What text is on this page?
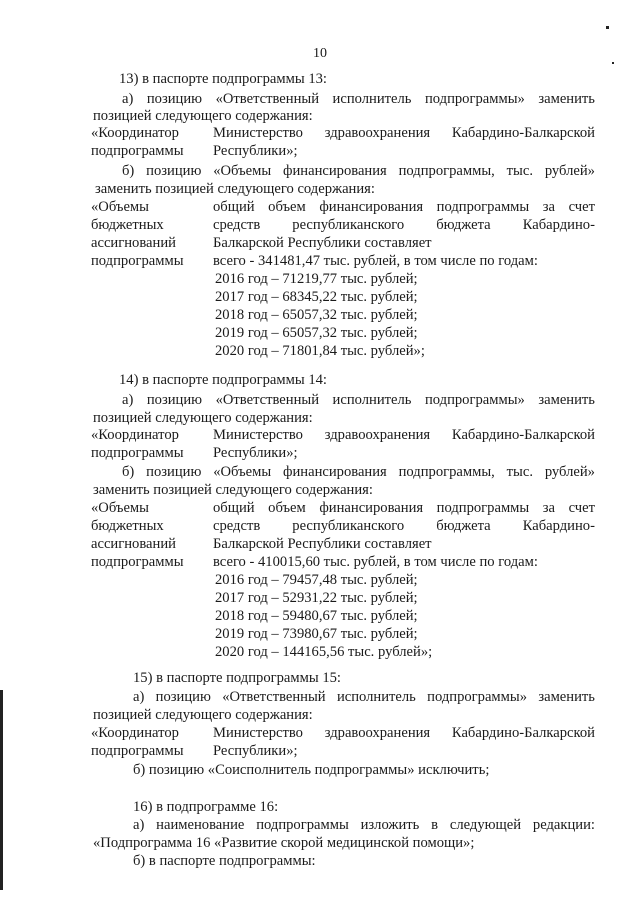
10
13) в паспорте подпрограммы 13:
а) позицию «Ответственный исполнитель подпрограммы» заменить
позицией следующего содержания:
«Координатор Министерство здравоохранения Кабардино-Балкарской
подпрограммы Республики»;
б) позицию «Объемы финансирования подпрограммы, тыс. рублей»
заменить позицией следующего содержания:
«Объемы
бюджетных
ассигнований
подпрограммы
общий объем финансирования подпрограммы за счет
средств республиканского бюджета Кабардино-
Балкарской Республики составляет
всего - 341481,47 тыс. рублей, в том числе по годам:
2016 год – 71219,77 тыс. рублей;
2017 год – 68345,22 тыс. рублей;
2018 год – 65057,32 тыс. рублей;
2019 год – 65057,32 тыс. рублей;
2020 год – 71801,84 тыс. рублей»;
14) в паспорте подпрограммы 14:
а) позицию «Ответственный исполнитель подпрограммы» заменить
позицией следующего содержания:
«Координатор Министерство здравоохранения Кабардино-Балкарской
подпрограммы Республики»;
б) позицию «Объемы финансирования подпрограммы, тыс. рублей»
заменить позицией следующего содержания:
«Объемы
бюджетных
ассигнований
подпрограммы
общий объем финансирования подпрограммы за счет
средств республиканского бюджета Кабардино-
Балкарской Республики составляет
всего - 410015,60 тыс. рублей, в том числе по годам:
2016 год – 79457,48 тыс. рублей;
2017 год – 52931,22 тыс. рублей;
2018 год – 59480,67 тыс. рублей;
2019 год – 73980,67 тыс. рублей;
2020 год – 144165,56 тыс. рублей»;
15) в паспорте подпрограммы 15:
а) позицию «Ответственный исполнитель подпрограммы» заменить
позицией следующего содержания:
«Координатор Министерство здравоохранения Кабардино-Балкарской
подпрограммы Республики»;
б) позицию «Соисполнитель подпрограммы» исключить;
16) в подпрограмме 16:
а) наименование подпрограммы изложить в следующей редакции:
«Подпрограмма 16 «Развитие скорой медицинской помощи»;
б) в паспорте подпрограммы:
